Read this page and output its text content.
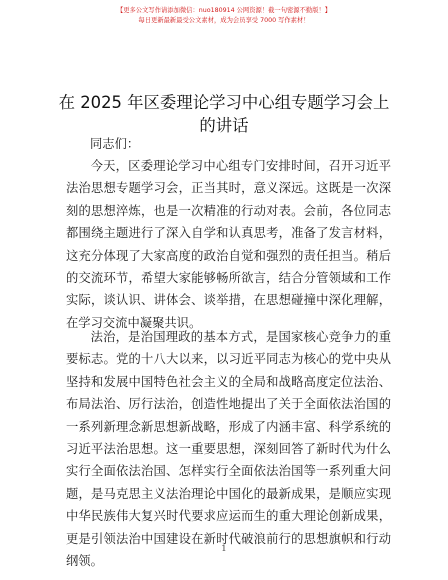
【更多公文写作请添加微信：nuo180914 公网资源！截一句密源不勤版！】
每日更新最新最受公文素材，成为会员享受 7000 写作素材！
在 2025 年区委理论学习中心组专题学习会上的讲话
同志们：

今天，区委理论学习中心组专门安排时间，召开习近平法治思想专题学习会，正当其时，意义深远。这既是一次深刻的思想淬炼，也是一次精准的行动对表。会前，各位同志都围绕主题进行了深入自学和认真思考，准备了发言材料，这充分体现了大家高度的政治自觉和强烈的责任担当。稍后的交流环节，希望大家能够畅所欲言，结合分管领域和工作实际，谈认识、讲体会、谈举措，在思想碰撞中深化理解，在学习交流中凝聚共识。

法治，是治国理政的基本方式，是国家核心竞争力的重要标志。党的十八大以来，以习近平同志为核心的党中央从坚持和发展中国特色社会主义的全局和战略高度定位法治、布局法治、厉行法治，创造性地提出了关于全面依法治国的一系列新理念新思想新战略，形成了内涵丰富、科学系统的习近平法治思想。这一重要思想，深刻回答了新时代为什么实行全面依法治国、怎样实行全面依法治国等一系列重大问题，是马克思主义法治理论中国化的最新成果，是顺应实现中华民族伟大复兴时代要求应运而生的重大理论创新成果，更是引领法治中国建设在新时代破浪前行的思想旗帜和行动纲领。

1
